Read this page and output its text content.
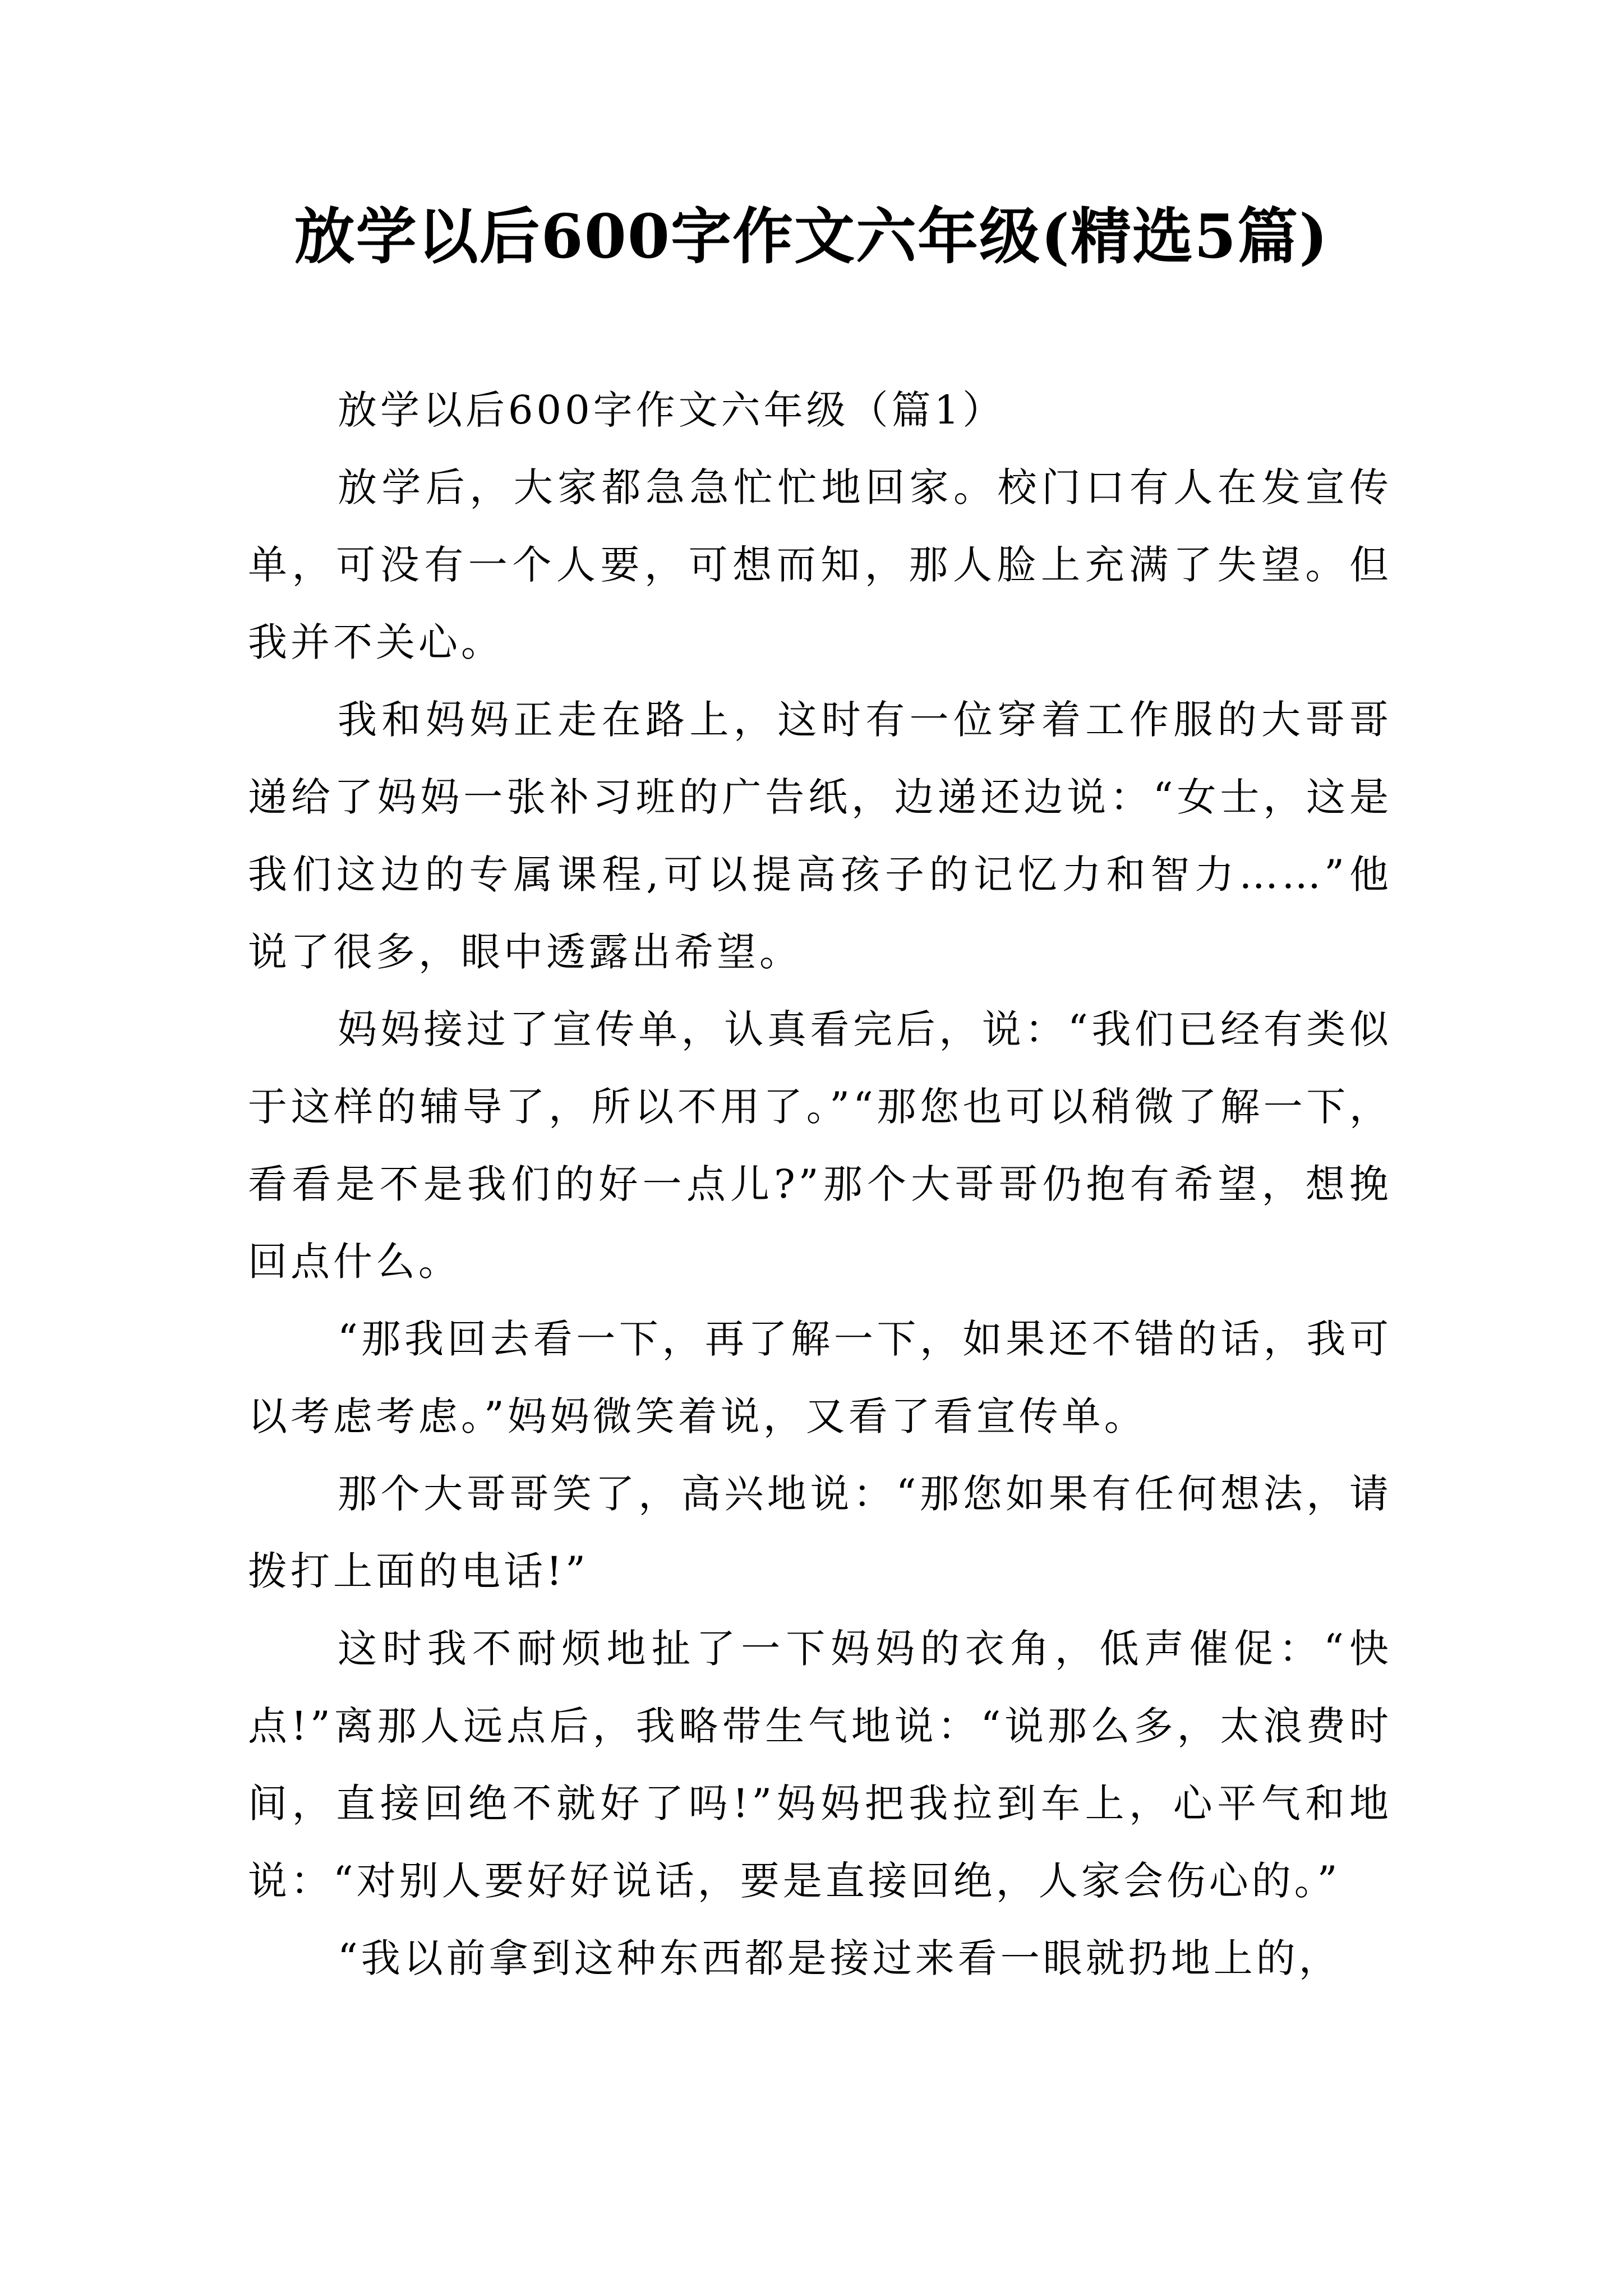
放学以后600字作文六年级(精选5篇)

放学以后600字作文六年级（篇1）

放学后，大家都急急忙忙地回家。校门口有人在发宣传单，可没有一个人要，可想而知，那人脸上充满了失望。但我并不关心。

我和妈妈正走在路上，这时有一位穿着工作服的大哥哥递给了妈妈一张补习班的广告纸，边递还边说：“女士，这是我们这边的专属课程,可以提高孩子的记忆力和智力……”他说了很多，眼中透露出希望。

妈妈接过了宣传单，认真看完后，说：“我们已经有类似于这样的辅导了，所以不用了。”“那您也可以稍微了解一下，看看是不是我们的好一点儿?”那个大哥哥仍抱有希望，想挽回点什么。

“那我回去看一下，再了解一下，如果还不错的话，我可以考虑考虑。”妈妈微笑着说，又看了看宣传单。

那个大哥哥笑了，高兴地说：“那您如果有任何想法，请拨打上面的电话!”

这时我不耐烦地扯了一下妈妈的衣角，低声催促：“快点!”离那人远点后，我略带生气地说：“说那么多，太浪费时间，直接回绝不就好了吗!”妈妈把我拉到车上，心平气和地说：“对别人要好好说话，要是直接回绝，人家会伤心的。”

“我以前拿到这种东西都是接过来看一眼就扔地上的，
